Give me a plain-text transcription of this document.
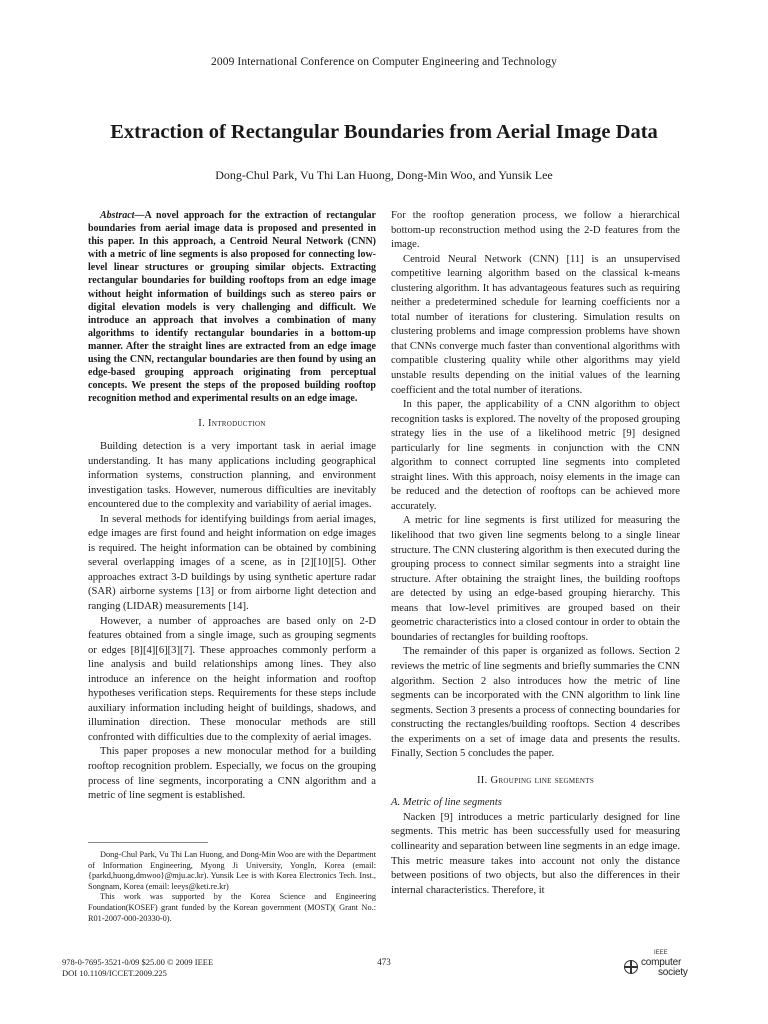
2009 International Conference on Computer Engineering and Technology
Extraction of Rectangular Boundaries from Aerial Image Data
Dong-Chul Park, Vu Thi Lan Huong, Dong-Min Woo, and Yunsik Lee

Abstract—A novel approach for the extraction of rectangular boundaries from aerial image data is proposed and presented in this paper. In this approach, a Centroid Neural Network (CNN) with a metric of line segments is also proposed for connecting low-level linear structures or grouping similar objects. Extracting rectangular boundaries for building rooftops from an edge image without height information of buildings such as stereo pairs or digital elevation models is very challenging and difficult. We introduce an approach that involves a combination of many algorithms to identify rectangular boundaries in a bottom-up manner. After the straight lines are extracted from an edge image using the CNN, rectangular boundaries are then found by using an edge-based grouping approach originating from perceptual concepts. We present the steps of the proposed building rooftop recognition method and experimental results on an edge image.

I. Introduction

Building detection is a very important task in aerial image understanding. It has many applications including geographical information systems, construction planning, and environment investigation tasks. However, numerous difficulties are inevitably encountered due to the complexity and variability of aerial images.

In several methods for identifying buildings from aerial images, edge images are first found and height information on edge images is required. The height information can be obtained by combining several overlapping images of a scene, as in [2][10][5]. Other approaches extract 3-D buildings by using synthetic aperture radar (SAR) airborne systems [13] or from airborne light detection and ranging (LIDAR) measurements [14].

However, a number of approaches are based only on 2-D features obtained from a single image, such as grouping segments or edges [8][4][6][3][7]. These approaches commonly perform a line analysis and build relationships among lines. They also introduce an inference on the height information and rooftop hypotheses verification steps. Requirements for these steps include auxiliary information including height of buildings, shadows, and illumination direction. These monocular methods are still confronted with difficulties due to the complexity of aerial images.

This paper proposes a new monocular method for a building rooftop recognition problem. Especially, we focus on the grouping process of line segments, incorporating a CNN algorithm and a metric of line segment is established.

Dong-Chul Park, Vu Thi Lan Huong, and Dong-Min Woo are with the Department of Information Engineering, Myong Ji University, YongIn, Korea (email: {parkd,huong,dmwoo}@mju.ac.kr). Yunsik Lee is with Korea Electronics Tech. Inst., Songnam, Korea (email: leeys@keti.re.kr)

This work was supported by the Korea Science and Engineering Foundation(KOSEF) grant funded by the Korean government (MOST)( Grant No.: R01-2007-000-20330-0).

For the rooftop generation process, we follow a hierarchical bottom-up reconstruction method using the 2-D features from the image.

Centroid Neural Network (CNN) [11] is an unsupervised competitive learning algorithm based on the classical k-means clustering algorithm. It has advantageous features such as requiring neither a predetermined schedule for learning coefficients nor a total number of iterations for clustering. Simulation results on clustering problems and image compression problems have shown that CNNs converge much faster than conventional algorithms with compatible clustering quality while other algorithms may yield unstable results depending on the initial values of the learning coefficient and the total number of iterations.

In this paper, the applicability of a CNN algorithm to object recognition tasks is explored. The novelty of the proposed grouping strategy lies in the use of a likelihood metric [9] designed particularly for line segments in conjunction with the CNN algorithm to connect corrupted line segments into completed straight lines. With this approach, noisy elements in the image can be reduced and the detection of rooftops can be achieved more accurately.

A metric for line segments is first utilized for measuring the likelihood that two given line segments belong to a single linear structure. The CNN clustering algorithm is then executed during the grouping process to connect similar segments into a straight line structure. After obtaining the straight lines, the building rooftops are detected by using an edge-based grouping hierarchy. This means that low-level primitives are grouped based on their geometric characteristics into a closed contour in order to obtain the boundaries of rectangles for building rooftops.

The remainder of this paper is organized as follows. Section 2 reviews the metric of line segments and briefly summaries the CNN algorithm. Section 2 also introduces how the metric of line segments can be incorporated with the CNN algorithm to link line segments. Section 3 presents a process of connecting boundaries for constructing the rectangles/building rooftops. Section 4 describes the experiments on a set of image data and presents the results. Finally, Section 5 concludes the paper.

II. Grouping line segments

A. Metric of line segments

Nacken [9] introduces a metric particularly designed for line segments. This metric has been successfully used for measuring collinearity and separation between line segments in an edge image. This metric measure takes into account not only the distance between positions of two objects, but also the differences in their internal characteristics. Therefore, it

978-0-7695-3521-0/09 $25.00 © 2009 IEEE
DOI 10.1109/ICCET.2009.225
473
IEEE
computer
society
